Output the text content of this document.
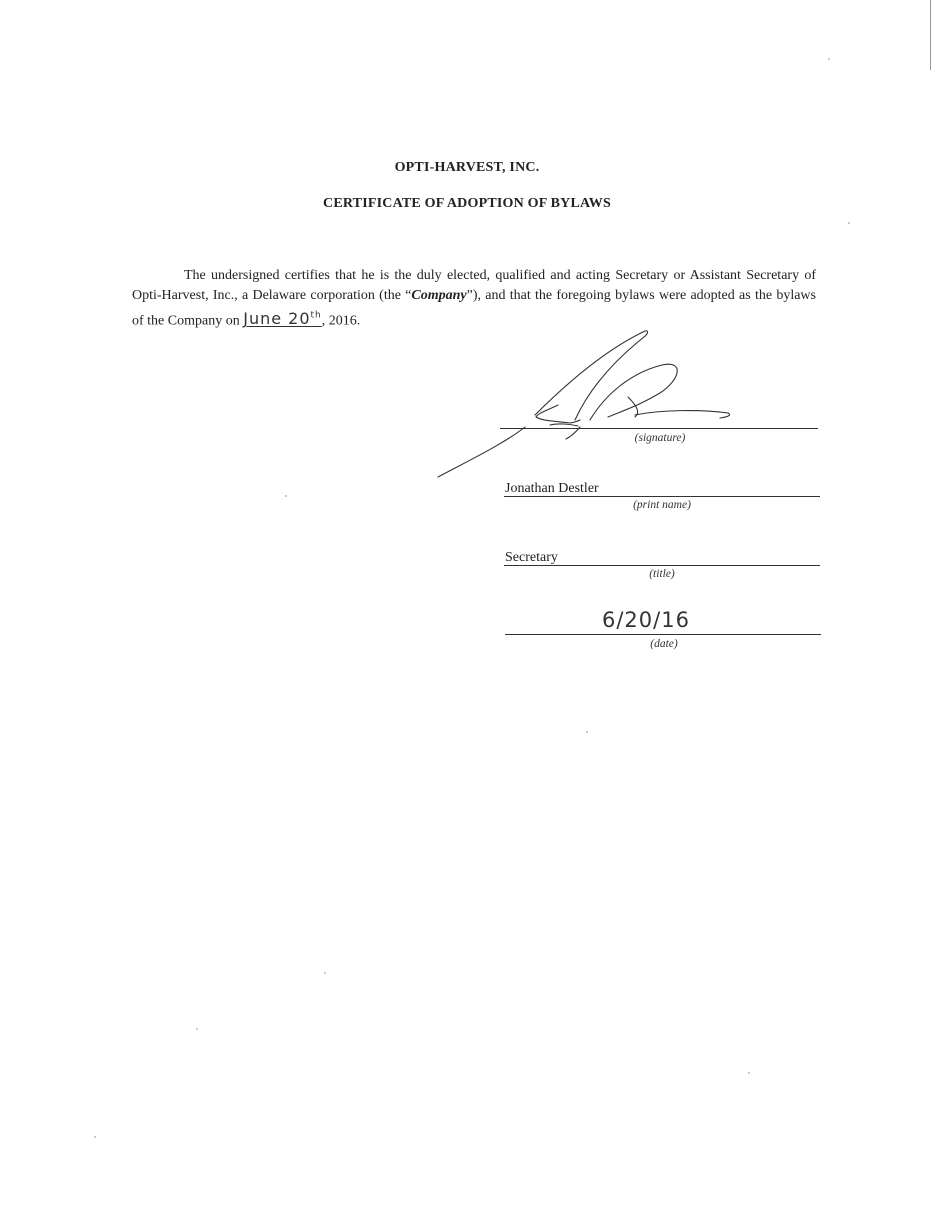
OPTI-HARVEST, INC.
CERTIFICATE OF ADOPTION OF BYLAWS

The undersigned certifies that he is the duly elected, qualified and acting Secretary or Assistant Secretary of Opti-Harvest, Inc., a Delaware corporation (the “Company”), and that the foregoing bylaws were adopted as the bylaws of the Company on June 20th, 2016.

(signature)
Jonathan Destler
(print name)
Secretary
(title)
6/20/16
(date)
